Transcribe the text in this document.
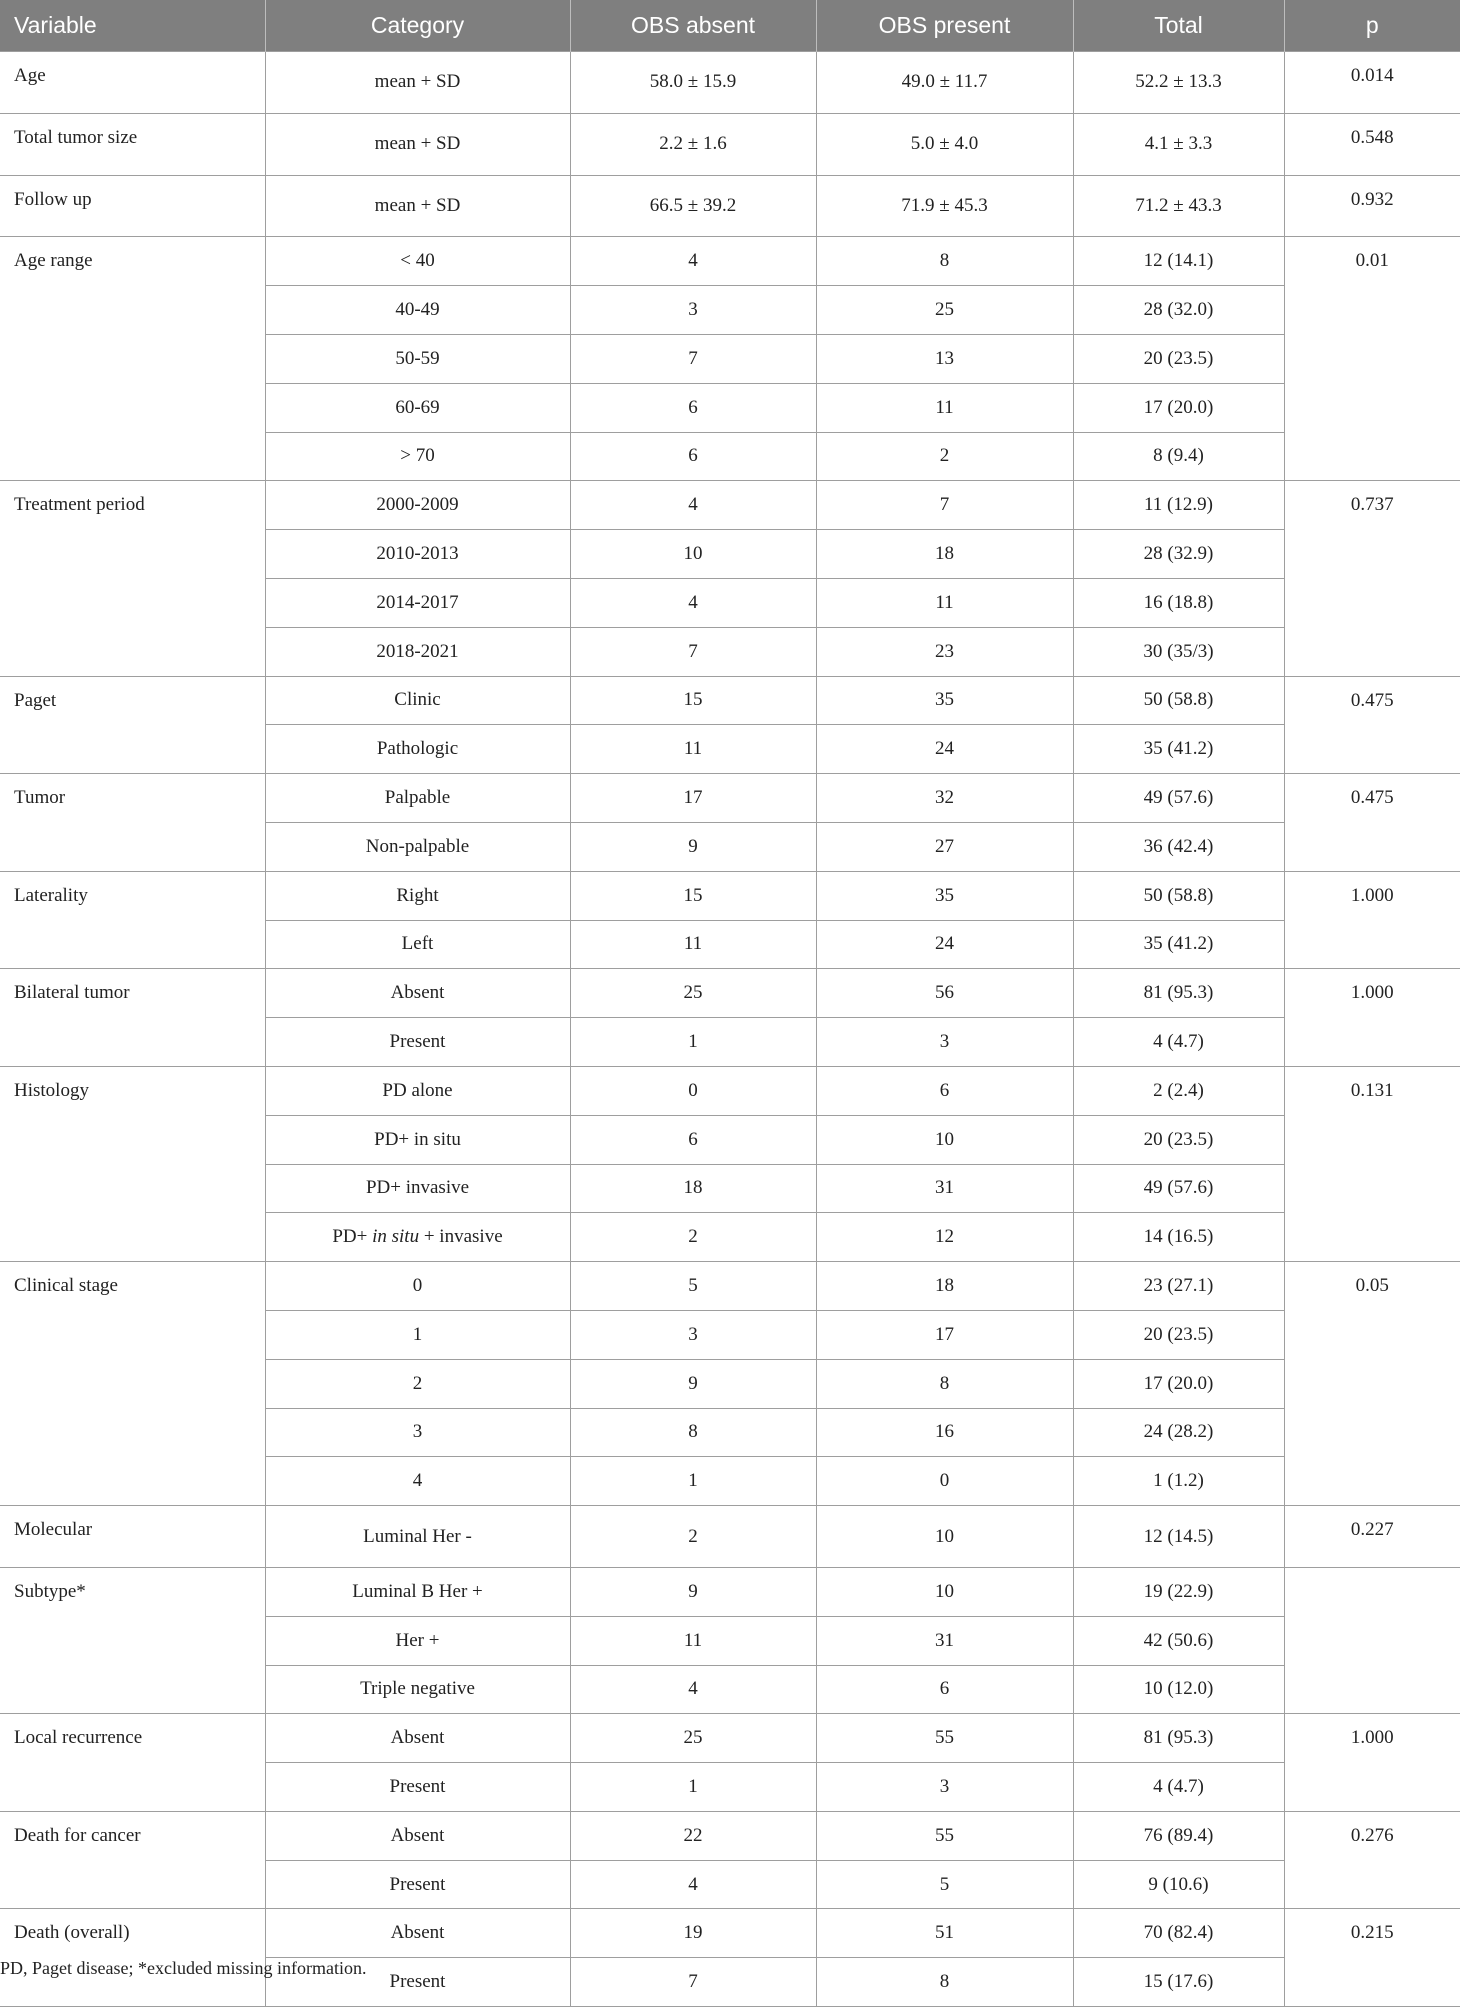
Variable	Category	OBS absent	OBS present	Total	p
Age	mean + SD	58.0 ± 15.9	49.0 ± 11.7	52.2 ± 13.3	0.014
Total tumor size	mean + SD	2.2 ± 1.6	5.0 ± 4.0	4.1 ± 3.3	0.548
Follow up	mean + SD	66.5 ± 39.2	71.9 ± 45.3	71.2 ± 43.3	0.932
Age range	< 40	4	8	12 (14.1)	0.01
	40-49	3	25	28 (32.0)	
	50-59	7	13	20 (23.5)	
	60-69	6	11	17 (20.0)	
	> 70	6	2	8 (9.4)	
Treatment period	2000-2009	4	7	11 (12.9)	0.737
	2010-2013	10	18	28 (32.9)	
	2014-2017	4	11	16 (18.8)	
	2018-2021	7	23	30 (35/3)	
Paget	Clinic	15	35	50 (58.8)	0.475
	Pathologic	11	24	35 (41.2)	
Tumor	Palpable	17	32	49 (57.6)	0.475
	Non-palpable	9	27	36 (42.4)	
Laterality	Right	15	35	50 (58.8)	1.000
	Left	11	24	35 (41.2)	
Bilateral tumor	Absent	25	56	81 (95.3)	1.000
	Present	1	3	4 (4.7)	
Histology	PD alone	0	6	2 (2.4)	0.131
	PD+ in situ	6	10	20 (23.5)	
	PD+ invasive	18	31	49 (57.6)	
	PD+ in situ + invasive	2	12	14 (16.5)	
Clinical stage	0	5	18	23 (27.1)	0.05
	1	3	17	20 (23.5)	
	2	9	8	17 (20.0)	
	3	8	16	24 (28.2)	
	4	1	0	1 (1.2)	
Molecular	Luminal Her -	2	10	12 (14.5)	0.227
Subtype*	Luminal B Her +	9	10	19 (22.9)	
	Her +	11	31	42 (50.6)	
	Triple negative	4	6	10 (12.0)	
Local recurrence	Absent	25	55	81 (95.3)	1.000
	Present	1	3	4 (4.7)	
Death for cancer	Absent	22	55	76 (89.4)	0.276
	Present	4	5	9 (10.6)	
Death (overall)	Absent	19	51	70 (82.4)	0.215
	Present	7	8	15 (17.6)	
PD, Paget disease; *excluded missing information.
